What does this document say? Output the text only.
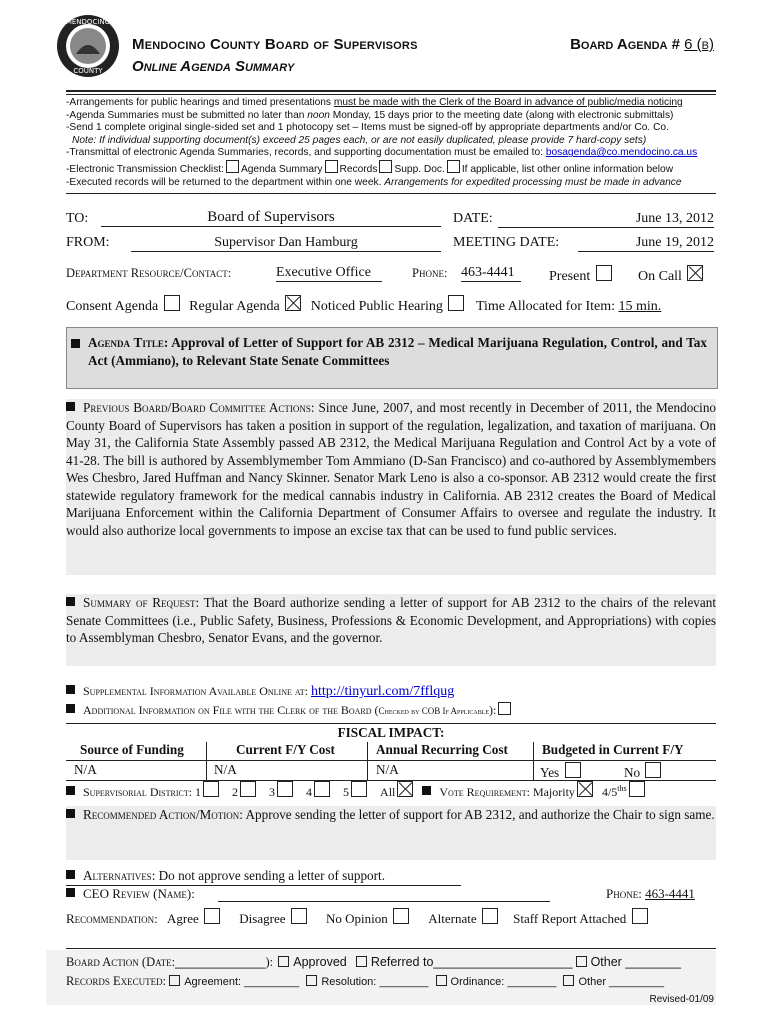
MENDOCINO
COUNTY
Mendocino County Board of Supervisors
Online Agenda Summary
Board Agenda # 6 (b)
-Arrangements for public hearings and timed presentations must be made with the Clerk of the Board in advance of public/media noticing
-Agenda Summaries must be submitted no later than noon Monday, 15 days prior to the meeting date (along with electronic submittals)
-Send 1 complete original single-sided set and 1 photocopy set – Items must be signed-off by appropriate departments and/or Co. Co.
Note: If individual supporting document(s) exceed 25 pages each, or are not easily duplicated, please provide 7 hard-copy sets)
-Transmittal of electronic Agenda Summaries, records, and supporting documentation must be emailed to: bosagenda@co.mendocino.ca.us
-Electronic Transmission Checklist: Agenda Summary Records Supp. Doc. If applicable, list other online information below
-Executed records will be returned to the department within one week. Arrangements for expedited processing must be made in advance
TO:	Board of Supervisors	DATE:	June 13, 2012
FROM:	Supervisor Dan Hamburg	MEETING DATE:	June 19, 2012
Department Resource/Contact:	Executive Office	Phone: 463-4441	Present	On Call
Consent Agenda Regular Agenda Noticed Public Hearing Time Allocated for Item: 15 min.
Agenda Title: Approval of Letter of Support for AB 2312 – Medical Marijuana Regulation, Control, and Tax Act (Ammiano), to Relevant State Senate Committees
Previous Board/Board Committee Actions: Since June, 2007, and most recently in December of 2011, the Mendocino County Board of Supervisors has taken a position in support of the regulation, legalization, and taxation of marijuana. On May 31, the California State Assembly passed AB 2312, the Medical Marijuana Regulation and Control Act by a vote of 41-28. The bill is authored by Assemblymember Tom Ammiano (D-San Francisco) and co-authored by Assemblymembers Wes Chesbro, Jared Huffman and Nancy Skinner. Senator Mark Leno is also a co-sponsor. AB 2312 would create the first statewide regulatory framework for the medical cannabis industry in California. AB 2312 creates the Board of Medical Marijuana Enforcement within the California Department of Consumer Affairs to oversee and regulate the industry. It would also authorize local governments to impose an excise tax that can be used to fund public services.
Summary of Request: That the Board authorize sending a letter of support for AB 2312 to the chairs of the relevant Senate Committees (i.e., Public Safety, Business, Professions & Economic Development, and Appropriations) with copies to Assemblyman Chesbro, Senator Evans, and the governor.
Supplemental Information Available Online at: http://tinyurl.com/7fflqug
Additional Information on File with the Clerk of the Board (Checked by COB If Applicable):
FISCAL IMPACT:
Source of Funding	Current F/Y Cost	Annual Recurring Cost	Budgeted in Current F/Y
N/A	N/A	N/A	Yes	No
Supervisorial District: 1	2	3	4	5	All	Vote Requirement: Majority $4/5^{ths}$
Recommended Action/Motion: Approve sending the letter of support for AB 2312, and authorize the Chair to sign same.
Alternatives: Do not approve sending a letter of support.
CEO Review (Name):	Phone: 463-4441
Recommendation: Agree	Disagree	No Opinion	Alternate	Staff Report Attached
Board Action (Date:_____________): Approved Referred to____________________ Other ________
Records Executed: Agreement: _________ Resolution: ________ Ordinance: ________ Other _________
Revised-01/09
